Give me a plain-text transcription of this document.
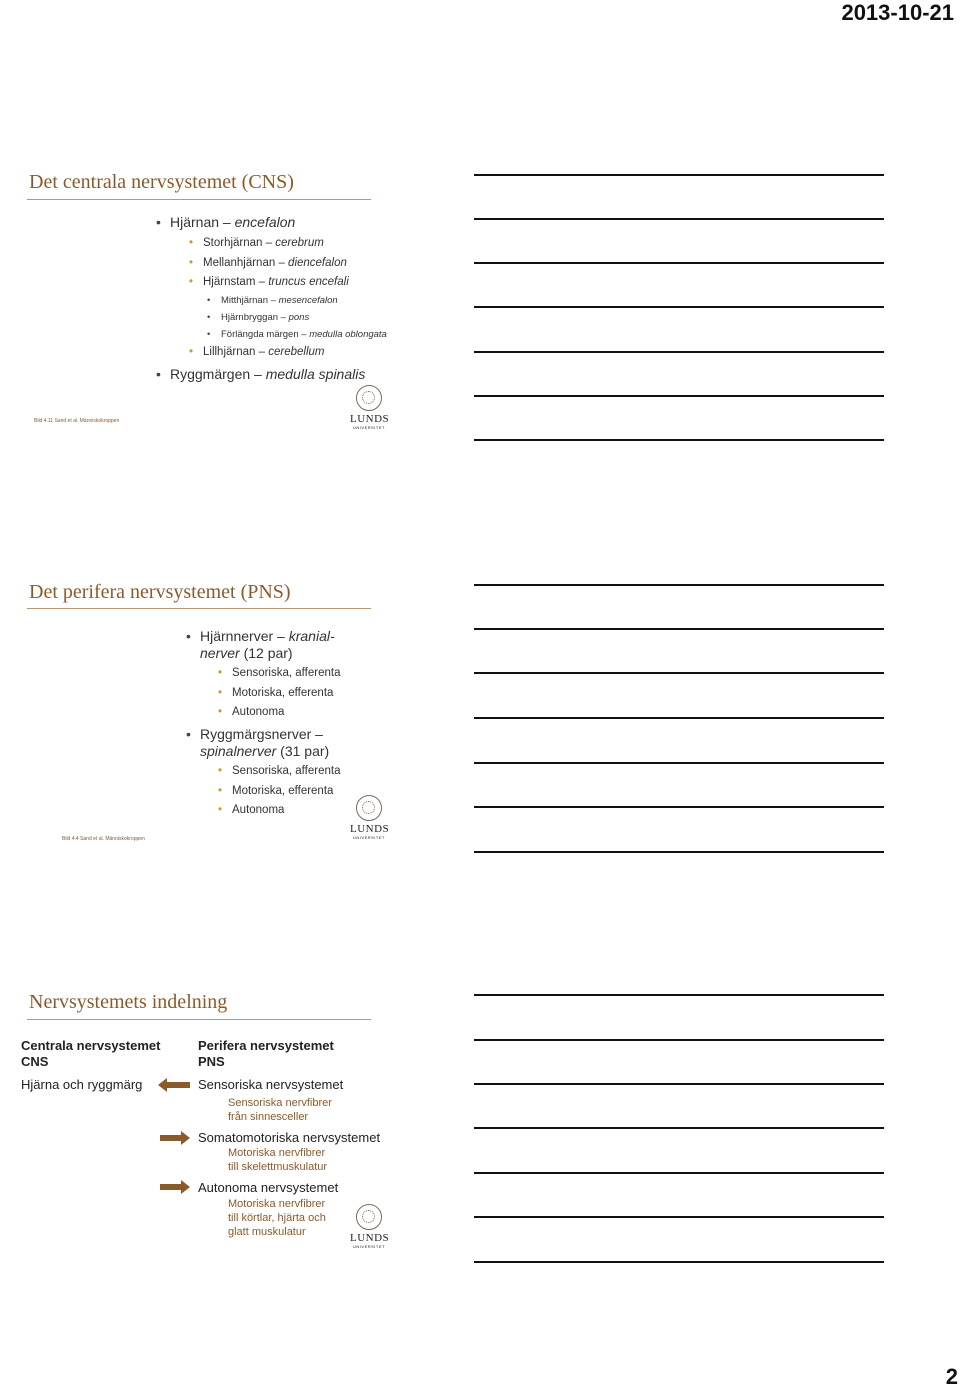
2013-10-21
2
Det centrala nervsystemet (CNS)
• Hjärnan – encefalon
• Storhjärnan – cerebrum
• Mellanhjärnan – diencefalon
• Hjärnstam – truncus encefali
• Mitthjärnan – mesencefalon
• Hjärnbryggan – pons
• Förlängda märgen – medulla oblongata
• Lillhjärnan – cerebellum
• Ryggmärgen – medulla spinalis
Bild 4.11 Sand et al. Människokroppen	LUNDS
UNIVERSITET
Det perifera nervsystemet (PNS)
• Hjärnnerver – kranial-
nerver (12 par)
• Sensoriska, afferenta
• Motoriska, efferenta
• Autonoma
• Ryggmärgsnerver –
spinalnerver (31 par)
• Sensoriska, afferenta
• Motoriska, efferenta
• Autonoma
Bild 4.4 Sand et al. Människokroppen
LUNDS
UNIVERSITET
Nervsystemets indelning
Centrala nervsystemet
CNS
Hjärna och ryggmärg
Perifera nervsystemet
PNS
Sensoriska nervsystemet
Sensoriska nervfibrer
från sinnesceller
Somatomotoriska nervsystemet
Motoriska nervfibrer
till skelettmuskulatur
Autonoma nervsystemet
Motoriska nervfibrer
till körtlar, hjärta och
glatt muskulatur	LUNDS
UNIVERSITET
